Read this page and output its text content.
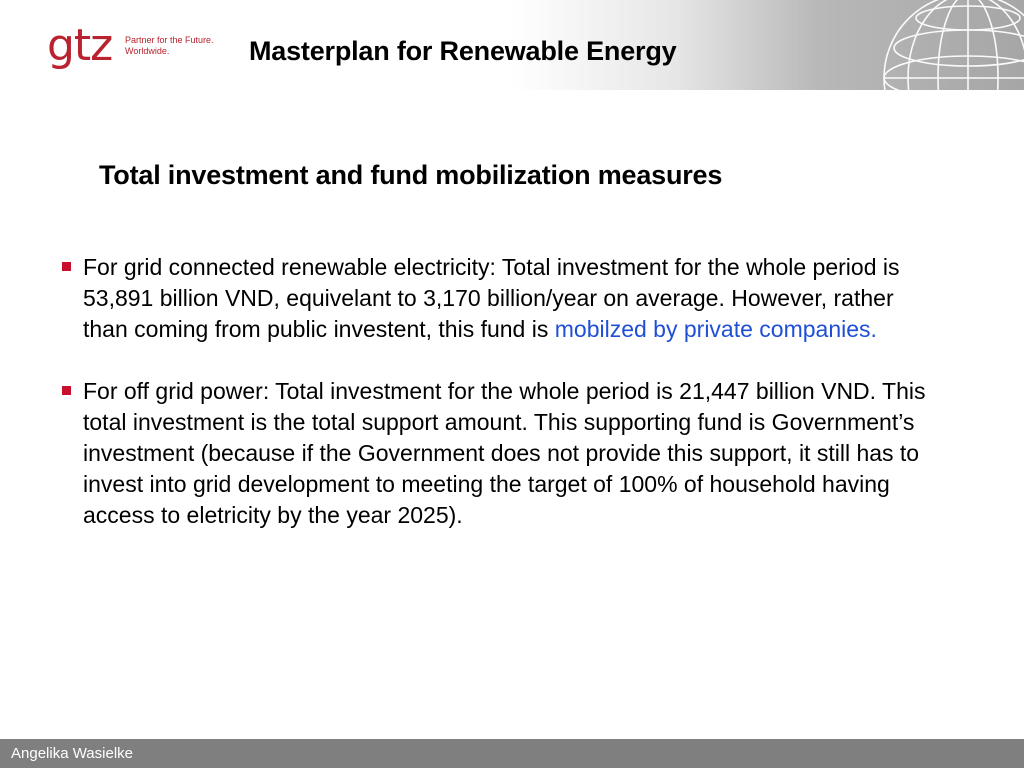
gtz Partner for the Future.
Worldwide.	Masterplan for Renewable Energy
Total investment and fund mobilization measures
For grid connected renewable electricity: Total investment for the whole period is 53,891 billion VND, equivelant to 3,170 billion/year on average. However, rather than coming from public investent, this fund is mobilzed by private companies.
For off grid power: Total investment for the whole period is 21,447 billion VND. This total investment is the total support amount. This supporting fund is Government’s investment (because if the Government does not provide this support, it still has to invest into grid development to meeting the target of 100% of household having access to eletricity by the year 2025).
Angelika Wasielke
